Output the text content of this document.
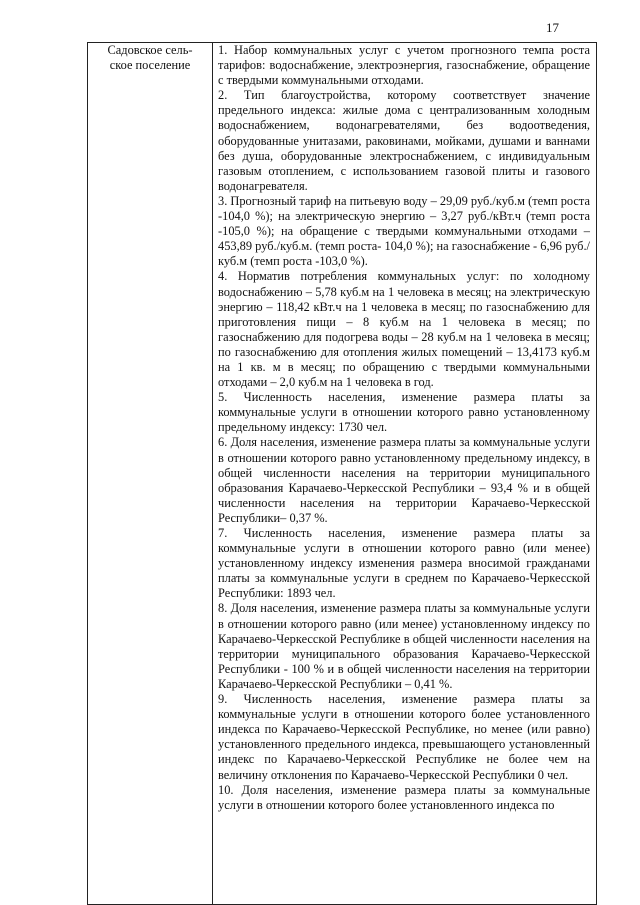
17
Садовское сель-
ское поселение	

1. Набор коммунальных услуг с учетом прогнозного темпа роста тарифов: водоснабжение, электроэнергия, газоснабжение, обращение с твердыми коммунальными отходами.

2. Тип благоустройства, которому соответствует значение предельного индекса: жилые дома с централизованным холодным водоснабжением, водонагревателями, без водоотведения, оборудованные унитазами, раковинами, мойками, душами и ваннами без душа, оборудованные электроснабжением, с индивидуальным газовым отоплением, с использованием газовой плиты и газового водонагревателя.

3. Прогнозный тариф на питьевую воду – 29,09 руб./куб.м (темп роста -104,0 %); на электрическую энергию – 3,27 руб./кВт.ч (темп роста -105,0 %); на обращение с твердыми коммунальными отходами – 453,89 руб./куб.м. (темп роста- 104,0 %); на газоснабжение - 6,96 руб./куб.м (темп роста -103,0 %).

4. Норматив потребления коммунальных услуг: по холодному водоснабжению – 5,78 куб.м на 1 человека в месяц; на электрическую энергию – 118,42 кВт.ч на 1 человека в месяц; по газоснабжению для приготовления пищи – 8 куб.м на 1 человека в месяц; по газоснабжению для подогрева воды – 28 куб.м на 1 человека в месяц; по газоснабжению для отопления жилых помещений – 13,4173 куб.м на 1 кв. м в месяц; по обращению с твердыми коммунальными отходами – 2,0 куб.м на 1 человека в год.

5. Численность населения, изменение размера платы за коммунальные услуги в отношении которого равно установленному предельному индексу: 1730 чел.

6. Доля населения, изменение размера платы за коммунальные услуги в отношении которого равно установленному предельному индексу, в общей численности населения на территории муниципального образования Карачаево-Черкесской Республики – 93,4 % и в общей численности населения на территории Карачаево-Черкесской Республики– 0,37 %.

7. Численность населения, изменение размера платы за коммунальные услуги в отношении которого равно (или менее) установленному индексу изменения размера вносимой гражданами платы за коммунальные услуги в среднем по Карачаево-Черкесской Республики: 1893 чел.

8. Доля населения, изменение размера платы за коммунальные услуги в отношении которого равно (или менее) установленному индексу по Карачаево-Черкесской Республике в общей численности населения на территории муниципального образования Карачаево-Черкесской Республики - 100 % и в общей численности населения на территории Карачаево-Черкесской Республики – 0,41 %.

9. Численность населения, изменение размера платы за коммунальные услуги в отношении которого более установленного индекса по Карачаево-Черкесской Республике, но менее (или равно) установленного предельного индекса, превышающего установленный индекс по Карачаево-Черкесской Республике не более чем на величину отклонения по Карачаево-Черкесской Республики 0 чел.

10. Доля населения, изменение размера платы за коммунальные услуги в отношении которого более установленного индекса по
